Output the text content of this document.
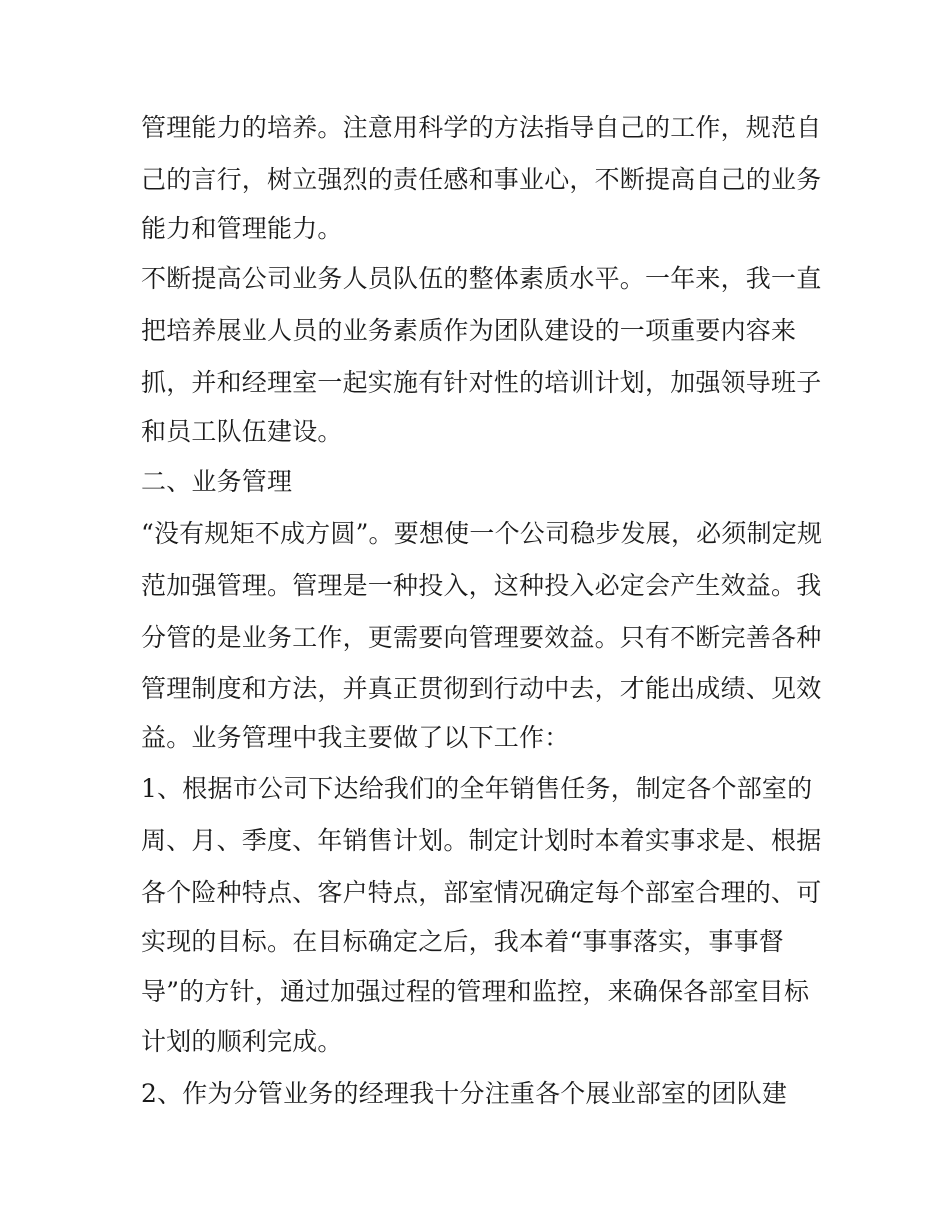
管理能力的培养。注意用科学的方法指导自己的工作，规范自
己的言行，树立强烈的责任感和事业心，不断提高自己的业务
能力和管理能力。
不断提高公司业务人员队伍的整体素质水平。一年来，我一直
把培养展业人员的业务素质作为团队建设的一项重要内容来
抓，并和经理室一起实施有针对性的培训计划，加强领导班子
和员工队伍建设。
二、业务管理
“没有规矩不成方圆”。要想使一个公司稳步发展，必须制定规
范加强管理。管理是一种投入，这种投入必定会产生效益。我
分管的是业务工作，更需要向管理要效益。只有不断完善各种
管理制度和方法，并真正贯彻到行动中去，才能出成绩、见效
益。业务管理中我主要做了以下工作：
1、根据市公司下达给我们的全年销售任务，制定各个部室的
周、月、季度、年销售计划。制定计划时本着实事求是、根据
各个险种特点、客户特点，部室情况确定每个部室合理的、可
实现的目标。在目标确定之后，我本着“事事落实，事事督
导”的方针，通过加强过程的管理和监控，来确保各部室目标
计划的顺利完成。
2、作为分管业务的经理我十分注重各个展业部室的团队建
